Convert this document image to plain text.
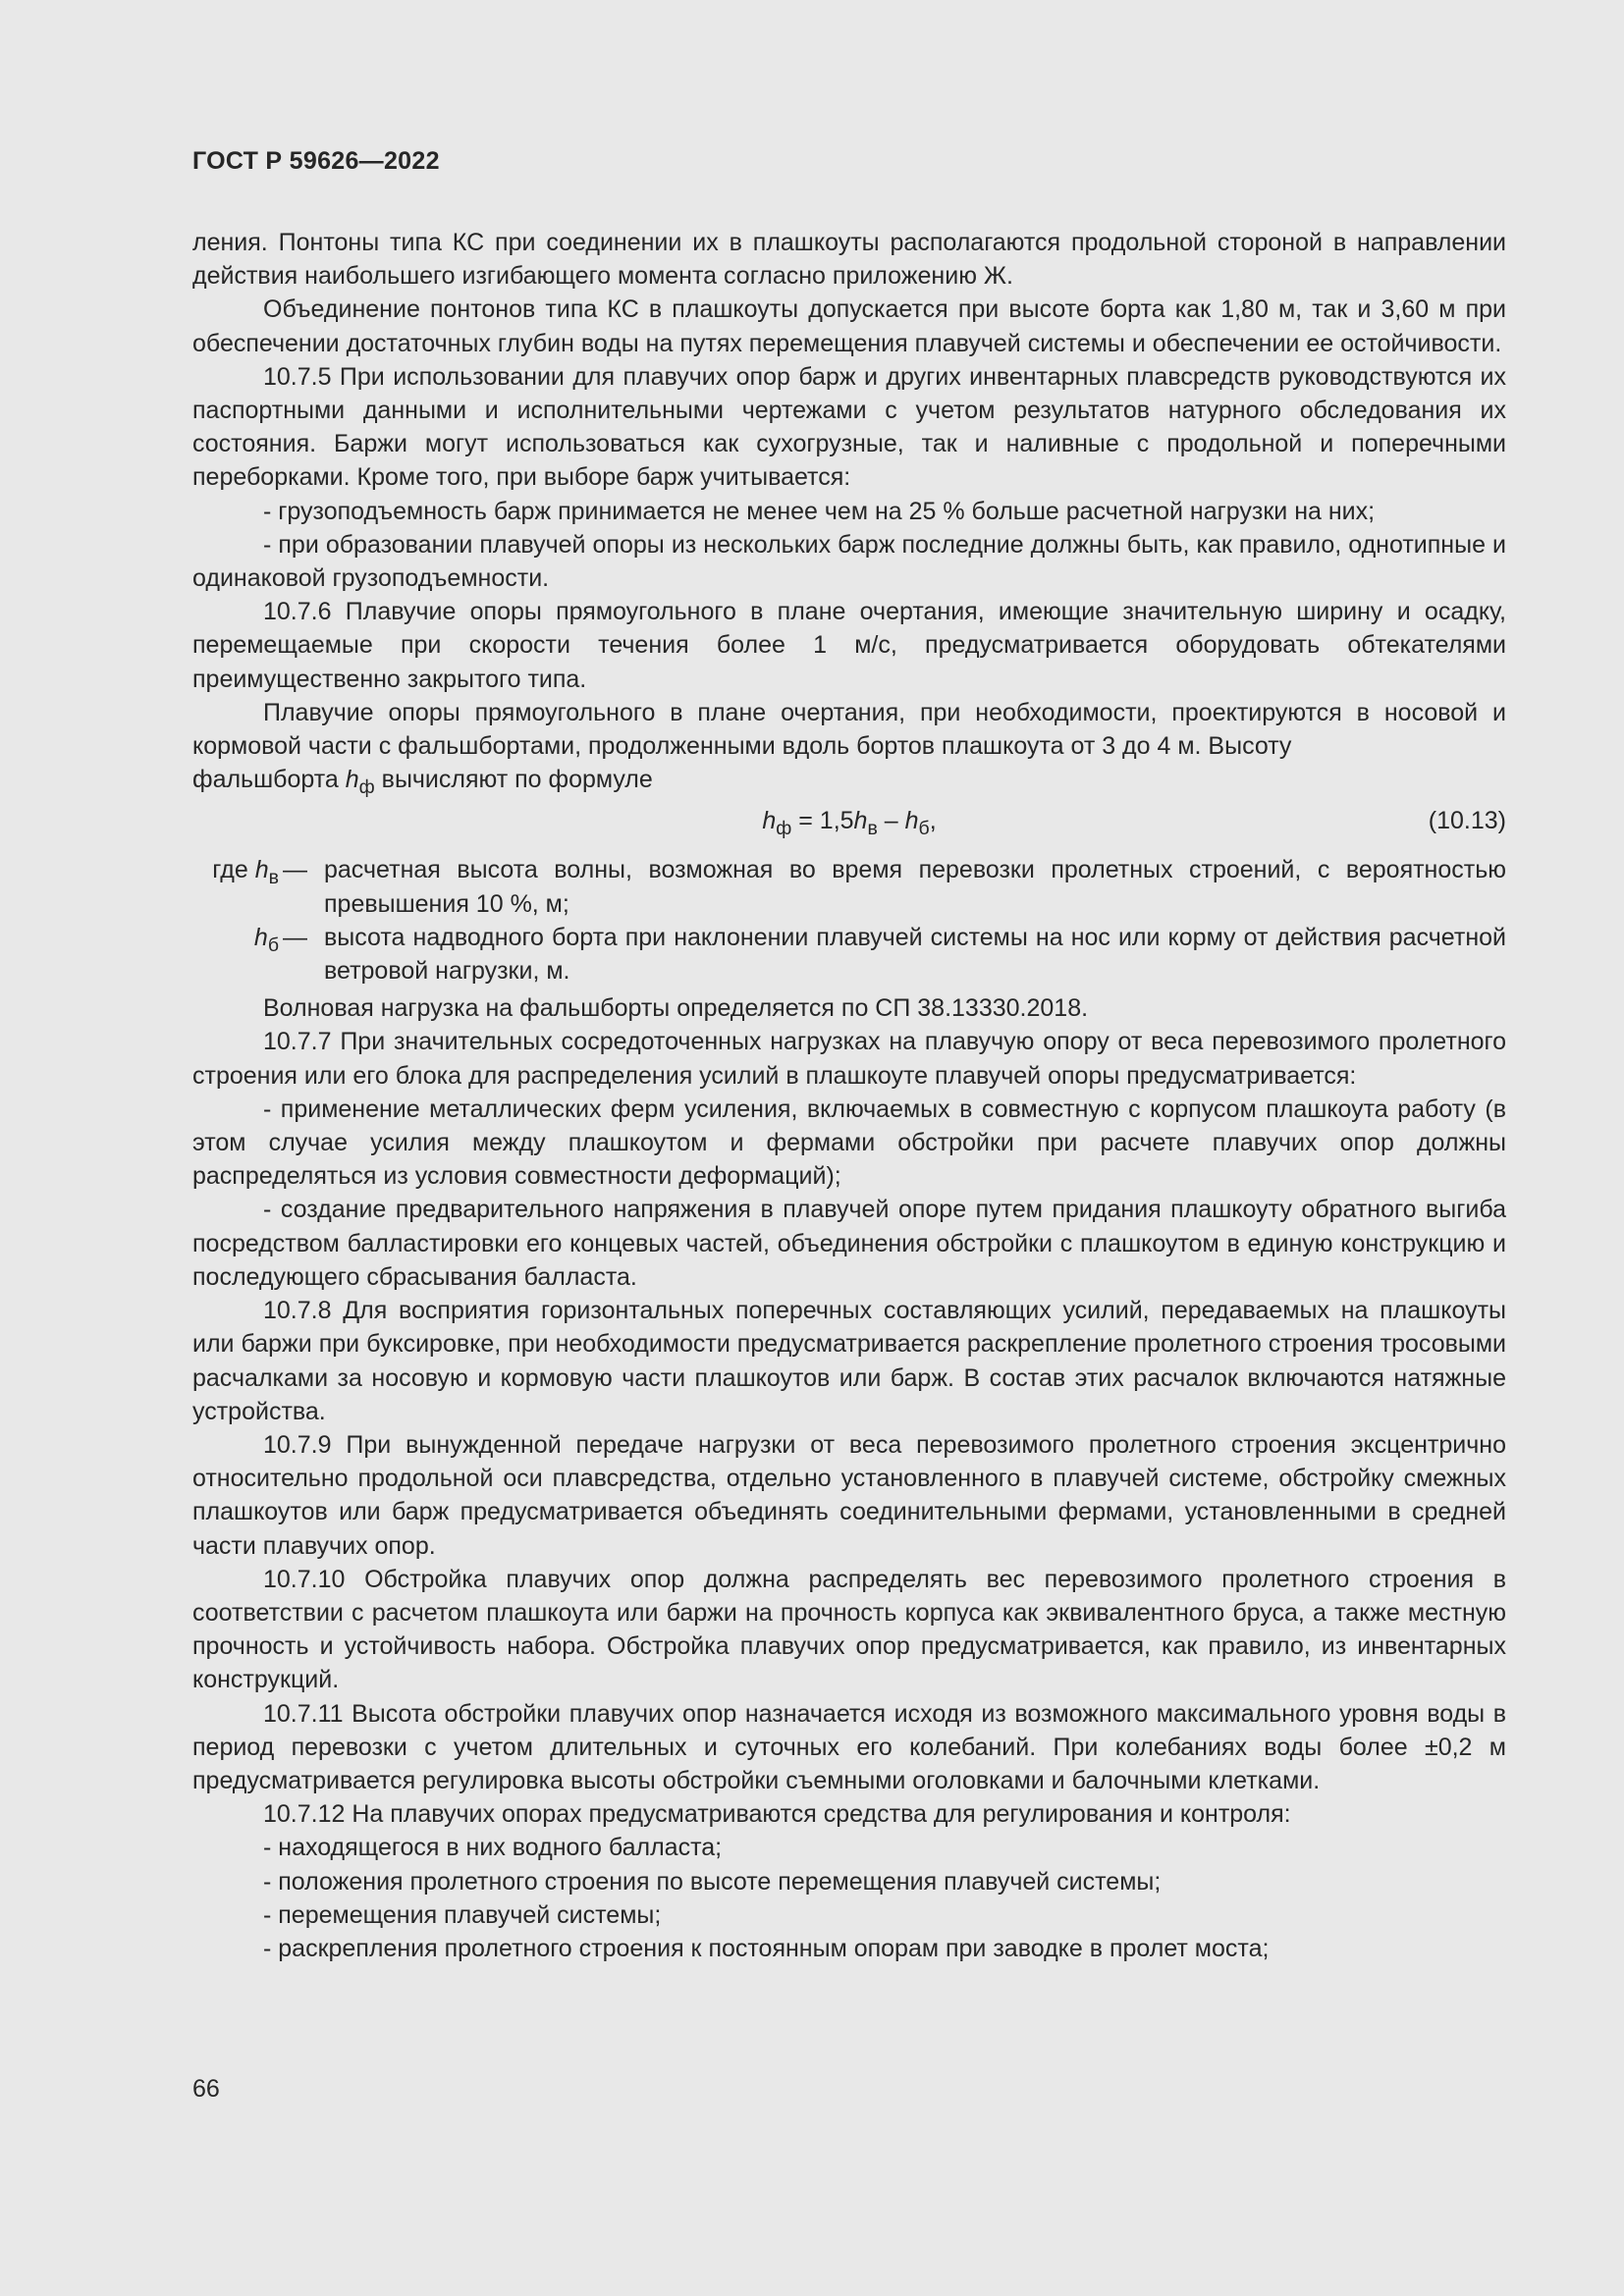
ГОСТ Р 59626—2022

ления. Понтоны типа КС при соединении их в плашкоуты располагаются продольной стороной в направлении действия наибольшего изгибающего момента согласно приложению Ж.

Объединение понтонов типа КС в плашкоуты допускается при высоте борта как 1,80 м, так и 3,60 м при обеспечении достаточных глубин воды на путях перемещения плавучей системы и обеспечении ее остойчивости.

10.7.5 При использовании для плавучих опор барж и других инвентарных плавсредств руководствуются их паспортными данными и исполнительными чертежами с учетом результатов натурного обследования их состояния. Баржи могут использоваться как сухогрузные, так и наливные с продольной и поперечными переборками. Кроме того, при выборе барж учитывается:

- грузоподъемность барж принимается не менее чем на 25 % больше расчетной нагрузки на них;

- при образовании плавучей опоры из нескольких барж последние должны быть, как правило, однотипные и одинаковой грузоподъемности.

10.7.6 Плавучие опоры прямоугольного в плане очертания, имеющие значительную ширину и осадку, перемещаемые при скорости течения более 1 м/с, предусматривается оборудовать обтекателями преимущественно закрытого типа.

Плавучие опоры прямоугольного в плане очертания, при необходимости, проектируются в носовой и кормовой части с фальшбортами, продолженными вдоль бортов плашкоута от 3 до 4 м. Высоту

фальшборта $h_ф$ вычисляют по формуле

$h_ф = 1,5h_в - h_б$,	(10.13)
где $h_в$ — расчетная высота волны, возможная во время перевозки пролетных строений, с вероятностью превышения 10 %, м;
$h_б$ — высота надводного борта при наклонении плавучей системы на нос или корму от действия расчетной ветровой нагрузки, м.

Волновая нагрузка на фальшборты определяется по СП 38.13330.2018.

10.7.7 При значительных сосредоточенных нагрузках на плавучую опору от веса перевозимого пролетного строения или его блока для распределения усилий в плашкоуте плавучей опоры предусматривается:

- применение металлических ферм усиления, включаемых в совместную с корпусом плашкоута работу (в этом случае усилия между плашкоутом и фермами обстройки при расчете плавучих опор должны распределяться из условия совместности деформаций);

- создание предварительного напряжения в плавучей опоре путем придания плашкоуту обратного выгиба посредством балластировки его концевых частей, объединения обстройки с плашкоутом в единую конструкцию и последующего сбрасывания балласта.

10.7.8 Для восприятия горизонтальных поперечных составляющих усилий, передаваемых на плашкоуты или баржи при буксировке, при необходимости предусматривается раскрепление пролетного строения тросовыми расчалками за носовую и кормовую части плашкоутов или барж. В состав этих расчалок включаются натяжные устройства.

10.7.9 При вынужденной передаче нагрузки от веса перевозимого пролетного строения эксцентрично относительно продольной оси плавсредства, отдельно установленного в плавучей системе, обстройку смежных плашкоутов или барж предусматривается объединять соединительными фермами, установленными в средней части плавучих опор.

10.7.10 Обстройка плавучих опор должна распределять вес перевозимого пролетного строения в соответствии с расчетом плашкоута или баржи на прочность корпуса как эквивалентного бруса, а также местную прочность и устойчивость набора. Обстройка плавучих опор предусматривается, как правило, из инвентарных конструкций.

10.7.11 Высота обстройки плавучих опор назначается исходя из возможного максимального уровня воды в период перевозки с учетом длительных и суточных его колебаний. При колебаниях воды более ±0,2 м предусматривается регулировка высоты обстройки съемными оголовками и балочными клетками.

10.7.12 На плавучих опорах предусматриваются средства для регулирования и контроля:

- находящегося в них водного балласта;

- положения пролетного строения по высоте перемещения плавучей системы;

- перемещения плавучей системы;

- раскрепления пролетного строения к постоянным опорам при заводке в пролет моста;

66
